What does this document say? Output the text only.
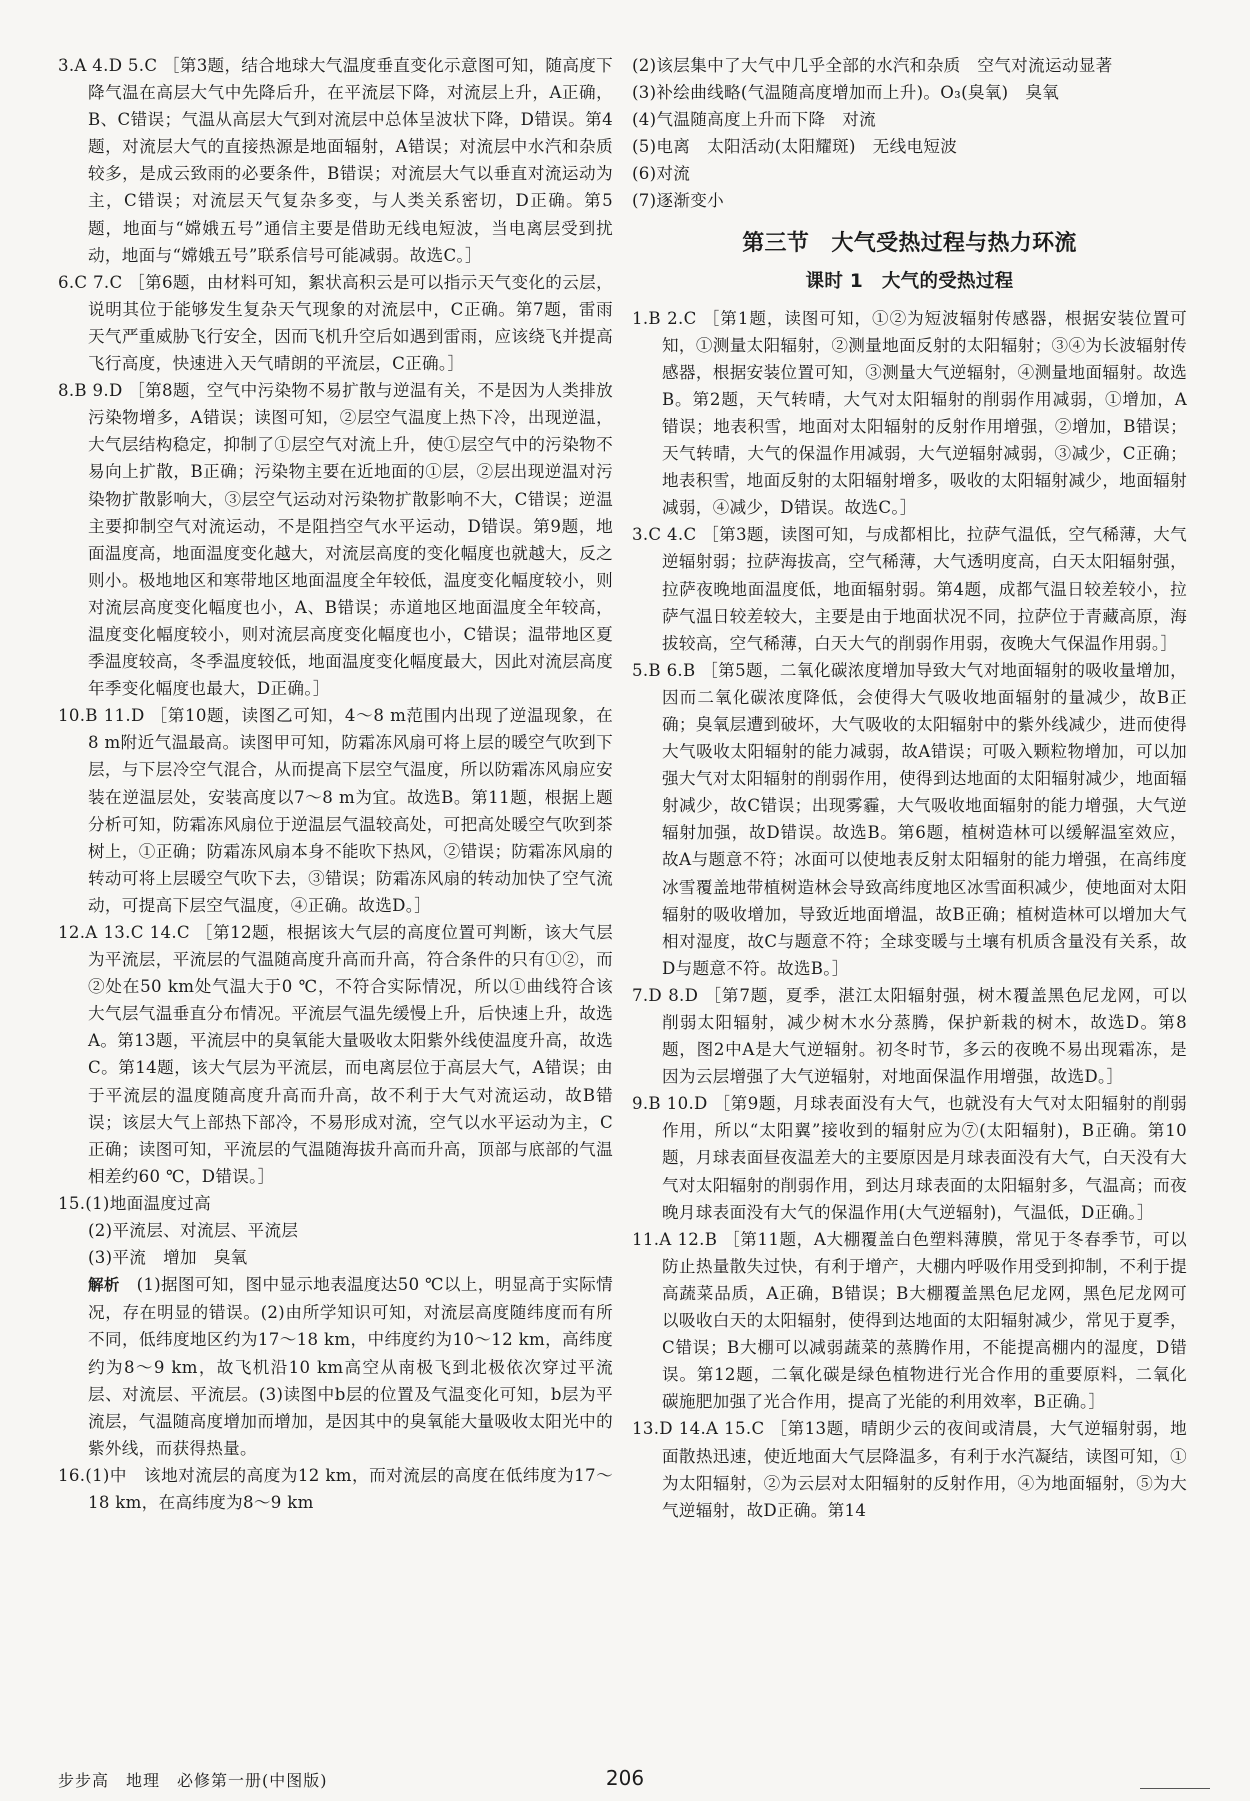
3.A 4.D 5.C ［第3题，结合地球大气温度垂直变化示意图可知，随高度下降气温在高层大气中先降后升，在平流层下降，对流层上升，A正确，B、C错误；气温从高层大气到对流层中总体呈波状下降，D错误。第4题，对流层大气的直接热源是地面辐射，A错误；对流层中水汽和杂质较多，是成云致雨的必要条件，B错误；对流层大气以垂直对流运动为主，C错误；对流层天气复杂多变，与人类关系密切，D正确。第5题，地面与“嫦娥五号”通信主要是借助无线电短波，当电离层受到扰动，地面与“嫦娥五号”联系信号可能减弱。故选C。］

6.C 7.C ［第6题，由材料可知，絮状高积云是可以指示天气变化的云层，说明其位于能够发生复杂天气现象的对流层中，C正确。第7题，雷雨天气严重威胁飞行安全，因而飞机升空后如遇到雷雨，应该绕飞并提高飞行高度，快速进入天气晴朗的平流层，C正确。］

8.B 9.D ［第8题，空气中污染物不易扩散与逆温有关，不是因为人类排放污染物增多，A错误；读图可知，②层空气温度上热下冷，出现逆温，大气层结构稳定，抑制了①层空气对流上升，使①层空气中的污染物不易向上扩散，B正确；污染物主要在近地面的①层，②层出现逆温对污染物扩散影响大，③层空气运动对污染物扩散影响不大，C错误；逆温主要抑制空气对流运动，不是阻挡空气水平运动，D错误。第9题，地面温度高，地面温度变化越大，对流层高度的变化幅度也就越大，反之则小。极地地区和寒带地区地面温度全年较低，温度变化幅度较小，则对流层高度变化幅度也小，A、B错误；赤道地区地面温度全年较高，温度变化幅度较小，则对流层高度变化幅度也小，C错误；温带地区夏季温度较高，冬季温度较低，地面温度变化幅度最大，因此对流层高度年季变化幅度也最大，D正确。］

10.B 11.D ［第10题，读图乙可知，4～8 m范围内出现了逆温现象，在8 m附近气温最高。读图甲可知，防霜冻风扇可将上层的暖空气吹到下层，与下层冷空气混合，从而提高下层空气温度，所以防霜冻风扇应安装在逆温层处，安装高度以7～8 m为宜。故选B。第11题，根据上题分析可知，防霜冻风扇位于逆温层气温较高处，可把高处暖空气吹到茶树上，①正确；防霜冻风扇本身不能吹下热风，②错误；防霜冻风扇的转动可将上层暖空气吹下去，③错误；防霜冻风扇的转动加快了空气流动，可提高下层空气温度，④正确。故选D。］

12.A 13.C 14.C ［第12题，根据该大气层的高度位置可判断，该大气层为平流层，平流层的气温随高度升高而升高，符合条件的只有①②，而②处在50 km处气温大于0 ℃，不符合实际情况，所以①曲线符合该大气层气温垂直分布情况。平流层气温先缓慢上升，后快速上升，故选A。第13题，平流层中的臭氧能大量吸收太阳紫外线使温度升高，故选C。第14题，该大气层为平流层，而电离层位于高层大气，A错误；由于平流层的温度随高度升高而升高，故不利于大气对流运动，故B错误；该层大气上部热下部冷，不易形成对流，空气以水平运动为主，C正确；读图可知，平流层的气温随海拔升高而升高，顶部与底部的气温相差约60 ℃，D错误。］

15.(1)地面温度过高

(2)平流层、对流层、平流层

(3)平流　增加　臭氧

解析　 (1)据图可知，图中显示地表温度达50 ℃以上，明显高于实际情况，存在明显的错误。(2)由所学知识可知，对流层高度随纬度而有所不同，低纬度地区约为17～18 km，中纬度约为10～12 km，高纬度约为8～9 km，故飞机沿10 km高空从南极飞到北极依次穿过平流层、对流层、平流层。(3)读图中b层的位置及气温变化可知，b层为平流层，气温随高度增加而增加，是因其中的臭氧能大量吸收太阳光中的紫外线，而获得热量。

16.(1)中　该地对流层的高度为12 km，而对流层的高度在低纬度为17～18 km，在高纬度为8～9 km

(2)该层集中了大气中几乎全部的水汽和杂质　空气对流运动显著

(3)补绘曲线略(气温随高度增加而上升)。O₃(臭氧)　臭氧

(4)气温随高度上升而下降　对流

(5)电离　太阳活动(太阳耀斑)　无线电短波

(6)对流

(7)逐渐变小

第三节　大气受热过程与热力环流
课时 1　大气的受热过程

1.B 2.C ［第1题，读图可知，①②为短波辐射传感器，根据安装位置可知，①测量太阳辐射，②测量地面反射的太阳辐射；③④为长波辐射传感器，根据安装位置可知，③测量大气逆辐射，④测量地面辐射。故选B。第2题，天气转晴，大气对太阳辐射的削弱作用减弱，①增加，A错误；地表积雪，地面对太阳辐射的反射作用增强，②增加，B错误；天气转晴，大气的保温作用减弱，大气逆辐射减弱，③减少，C正确；地表积雪，地面反射的太阳辐射增多，吸收的太阳辐射减少，地面辐射减弱，④减少，D错误。故选C。］

3.C 4.C ［第3题，读图可知，与成都相比，拉萨气温低，空气稀薄，大气逆辐射弱；拉萨海拔高，空气稀薄，大气透明度高，白天太阳辐射强，拉萨夜晚地面温度低，地面辐射弱。第4题，成都气温日较差较小，拉萨气温日较差较大，主要是由于地面状况不同，拉萨位于青藏高原，海拔较高，空气稀薄，白天大气的削弱作用弱，夜晚大气保温作用弱。］

5.B 6.B ［第5题，二氧化碳浓度增加导致大气对地面辐射的吸收量增加，因而二氧化碳浓度降低，会使得大气吸收地面辐射的量减少，故B正确；臭氧层遭到破坏，大气吸收的太阳辐射中的紫外线减少，进而使得大气吸收太阳辐射的能力减弱，故A错误；可吸入颗粒物增加，可以加强大气对太阳辐射的削弱作用，使得到达地面的太阳辐射减少，地面辐射减少，故C错误；出现雾霾，大气吸收地面辐射的能力增强，大气逆辐射加强，故D错误。故选B。第6题，植树造林可以缓解温室效应，故A与题意不符；冰面可以使地表反射太阳辐射的能力增强，在高纬度冰雪覆盖地带植树造林会导致高纬度地区冰雪面积减少，使地面对太阳辐射的吸收增加，导致近地面增温，故B正确；植树造林可以增加大气相对湿度，故C与题意不符；全球变暖与土壤有机质含量没有关系，故D与题意不符。故选B。］

7.D 8.D ［第7题，夏季，湛江太阳辐射强，树木覆盖黑色尼龙网，可以削弱太阳辐射，减少树木水分蒸腾，保护新栽的树木，故选D。第8题，图2中A是大气逆辐射。初冬时节，多云的夜晚不易出现霜冻，是因为云层增强了大气逆辐射，对地面保温作用增强，故选D。］

9.B 10.D ［第9题，月球表面没有大气，也就没有大气对太阳辐射的削弱作用，所以“太阳翼”接收到的辐射应为⑦(太阳辐射)，B正确。第10题，月球表面昼夜温差大的主要原因是月球表面没有大气，白天没有大气对太阳辐射的削弱作用，到达月球表面的太阳辐射多，气温高；而夜晚月球表面没有大气的保温作用(大气逆辐射)，气温低，D正确。］

11.A 12.B ［第11题，A大棚覆盖白色塑料薄膜，常见于冬春季节，可以防止热量散失过快，有利于增产，大棚内呼吸作用受到抑制，不利于提高蔬菜品质，A正确，B错误；B大棚覆盖黑色尼龙网，黑色尼龙网可以吸收白天的太阳辐射，使得到达地面的太阳辐射减少，常见于夏季，C错误；B大棚可以减弱蔬菜的蒸腾作用，不能提高棚内的湿度，D错误。第12题，二氧化碳是绿色植物进行光合作用的重要原料，二氧化碳施肥加强了光合作用，提高了光能的利用效率，B正确。］

13.D 14.A 15.C ［第13题，晴朗少云的夜间或清晨，大气逆辐射弱，地面散热迅速，使近地面大气层降温多，有利于水汽凝结，读图可知，①为太阳辐射，②为云层对太阳辐射的反射作用，④为地面辐射，⑤为大气逆辐射，故D正确。第14

步步高　地理　必修第一册(中图版)	206
